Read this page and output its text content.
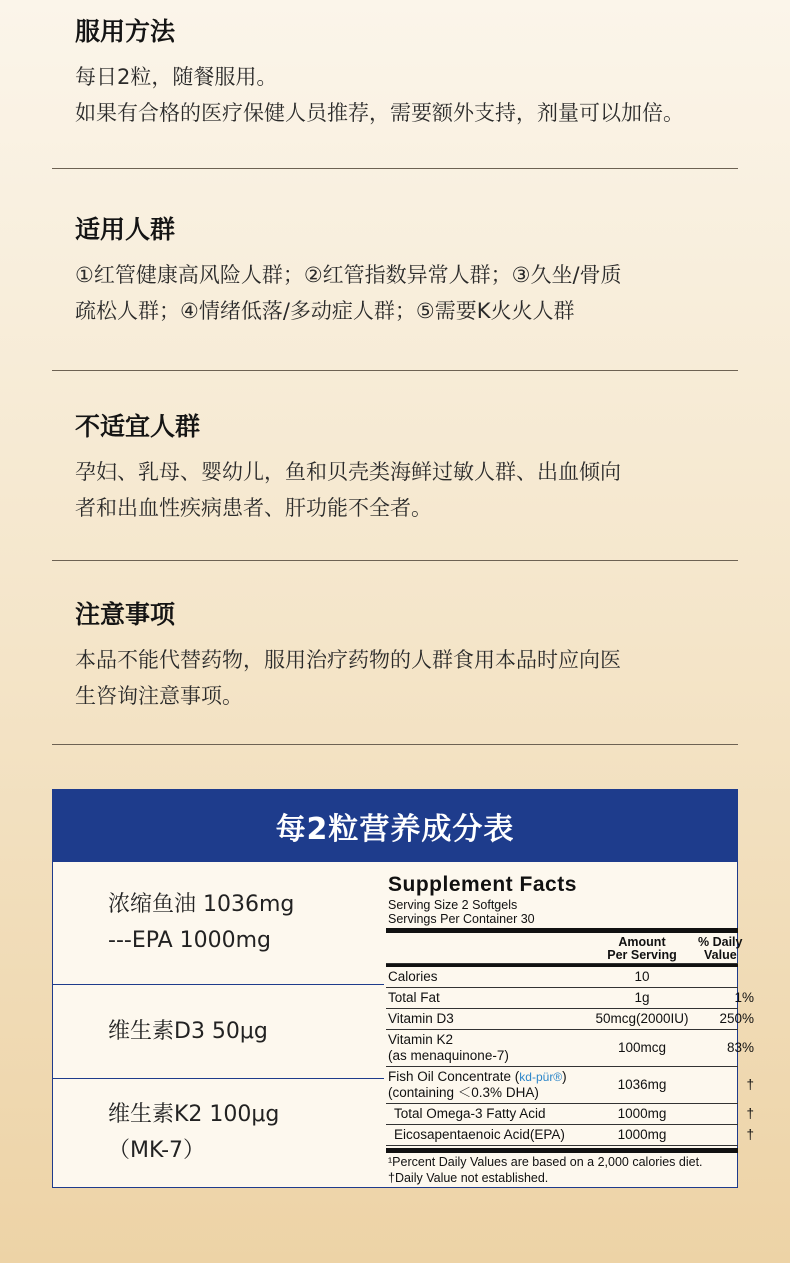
服用方法

每日2粒，随餐服用。

如果有合格的医疗保健人员推荐，需要额外支持，剂量可以加倍。

适用人群

①红管健康高风险人群；②红管指数异常人群；③久坐/骨质

疏松人群；④情绪低落/多动症人群；⑤需要K火火人群

不适宜人群

孕妇、乳母、婴幼儿，鱼和贝壳类海鲜过敏人群、出血倾向

者和出血性疾病患者、肝功能不全者。

注意事项

本品不能代替药物，服用治疗药物的人群食用本品时应向医

生咨询注意事项。

每2粒营养成分表
浓缩鱼油 1036mg
---EPA 1000mg
维生素D3 50μg
维生素K2 100μg
（MK-7）
Supplement Facts
Serving Size 2 Softgels
Servings Per Container 30
Amount
Per Serving
% Daily
Value
Calories	10
Total Fat	1g	1%
Vitamin D3	50mcg(2000IU)	250%
Vitamin K2
(as menaquinone-7)
100mcg	83%
Fish Oil Concentrate (kd-pür®)
(containing ＜0.3% DHA)
1036mg	†
Total Omega-3 Fatty Acid	1000mg	†
Eicosapentaenoic Acid(EPA)	1000mg	†
¹Percent Daily Values are based on a 2,000 calories diet.
†Daily Value not established.
